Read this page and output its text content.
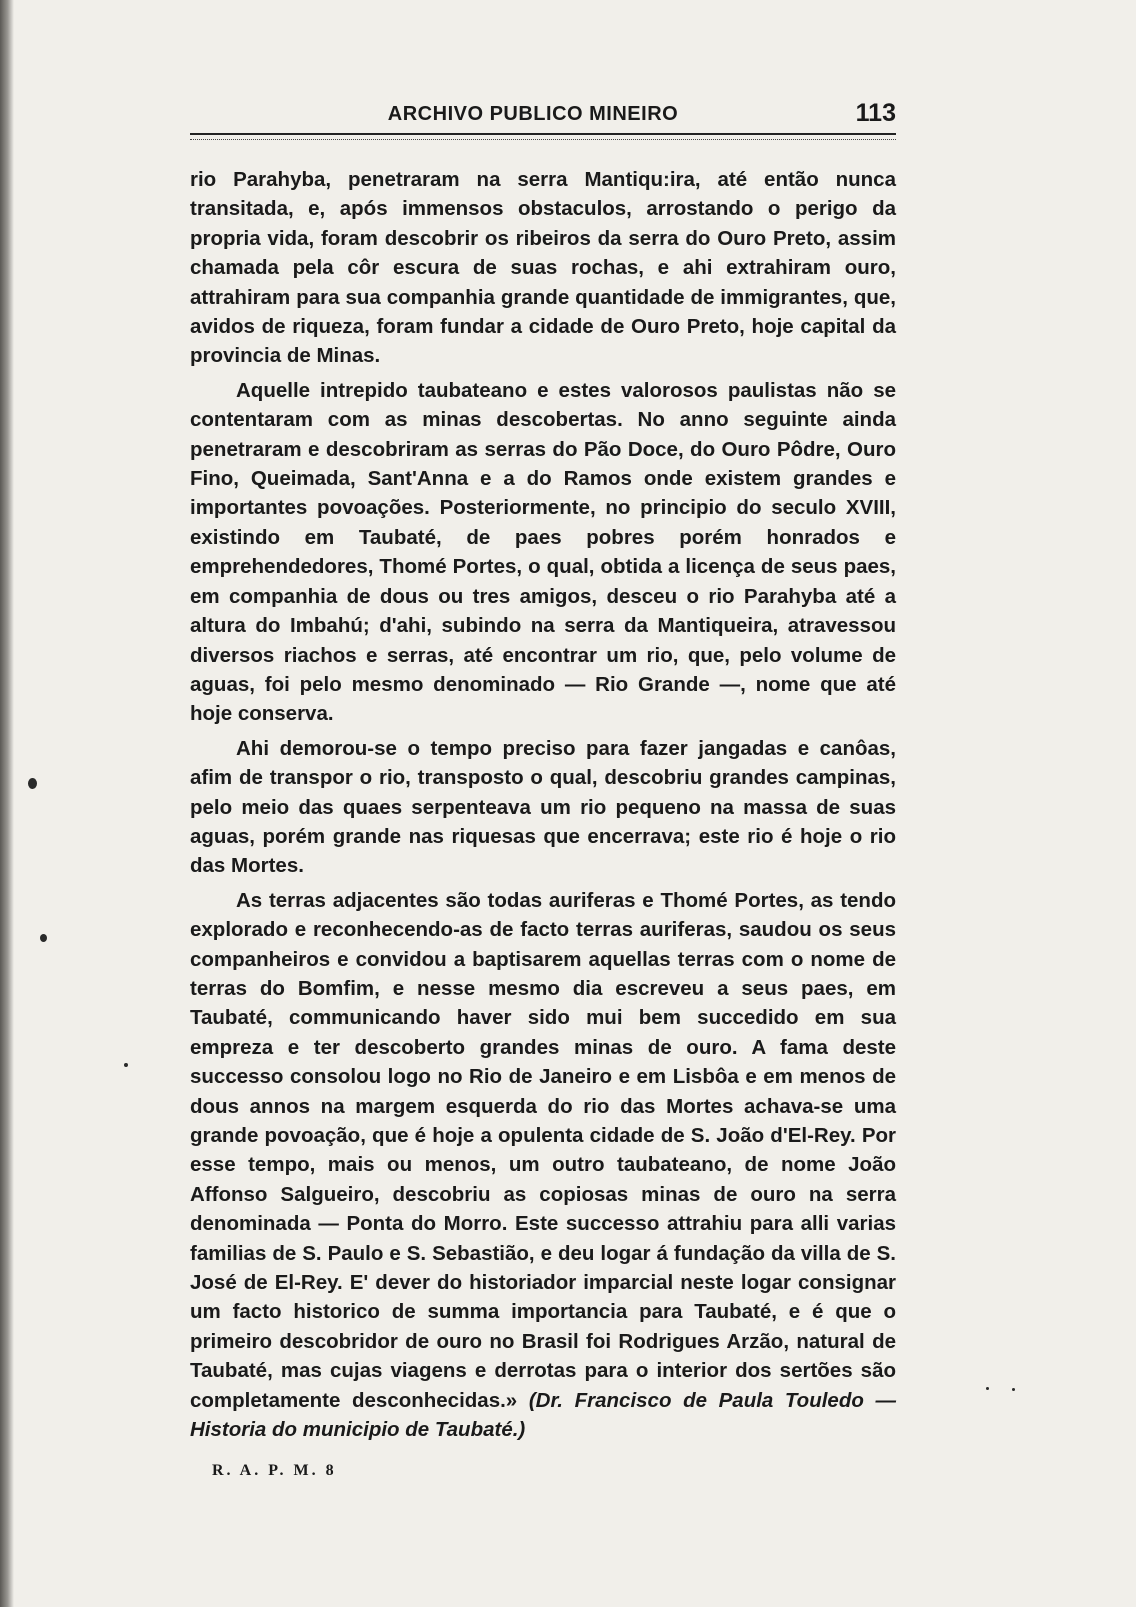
ARCHIVO PUBLICO MINEIRO	113

rio Parahyba, penetraram na serra Mantiqu:ira, até então nunca transitada, e, após immensos obstaculos, arrostando o perigo da propria vida, foram descobrir os ribeiros da serra do Ouro Preto, assim chamada pela côr escura de suas rochas, e ahi extrahiram ouro, attrahiram para sua companhia grande quantidade de immigrantes, que, avidos de riqueza, foram fundar a cidade de Ouro Preto, hoje capital da provincia de Minas.

Aquelle intrepido taubateano e estes valorosos paulistas não se contentaram com as minas descobertas. No anno seguinte ainda penetraram e descobriram as serras do Pão Doce, do Ouro Pôdre, Ouro Fino, Queimada, Sant'Anna e a do Ramos onde existem grandes e importantes povoações. Posteriormente, no principio do seculo XVIII, existindo em Taubaté, de paes pobres porém honrados e emprehendedores, Thomé Portes, o qual, obtida a licença de seus paes, em companhia de dous ou tres amigos, desceu o rio Parahyba até a altura do Imbahú; d'ahi, subindo na serra da Mantiqueira, atravessou diversos riachos e serras, até encontrar um rio, que, pelo volume de aguas, foi pelo mesmo denominado — Rio Grande —, nome que até hoje conserva.

Ahi demorou-se o tempo preciso para fazer jangadas e canôas, afim de transpor o rio, transposto o qual, descobriu grandes campinas, pelo meio das quaes serpenteava um rio pequeno na massa de suas aguas, porém grande nas riquesas que encerrava; este rio é hoje o rio das Mortes.

As terras adjacentes são todas auriferas e Thomé Portes, as tendo explorado e reconhecendo-as de facto terras auriferas, saudou os seus companheiros e convidou a baptisarem aquellas terras com o nome de terras do Bomfim, e nesse mesmo dia escreveu a seus paes, em Taubaté, communicando haver sido mui bem succedido em sua empreza e ter descoberto grandes minas de ouro. A fama deste successo consolou logo no Rio de Janeiro e em Lisbôa e em menos de dous annos na margem esquerda do rio das Mortes achava-se uma grande povoação, que é hoje a opulenta cidade de S. João d'El-Rey. Por esse tempo, mais ou menos, um outro taubateano, de nome João Affonso Salgueiro, descobriu as copiosas minas de ouro na serra denominada — Ponta do Morro. Este successo attrahiu para alli varias familias de S. Paulo e S. Sebastião, e deu logar á fundação da villa de S. José de El-Rey. E' dever do historiador imparcial neste logar consignar um facto historico de summa importancia para Taubaté, e é que o primeiro descobridor de ouro no Brasil foi Rodrigues Arzão, natural de Taubaté, mas cujas viagens e derrotas para o interior dos sertões são completamente desconhecidas.» (Dr. Francisco de Paula Touledo — Historia do municipio de Taubaté.)

R. A. P. M. 8
